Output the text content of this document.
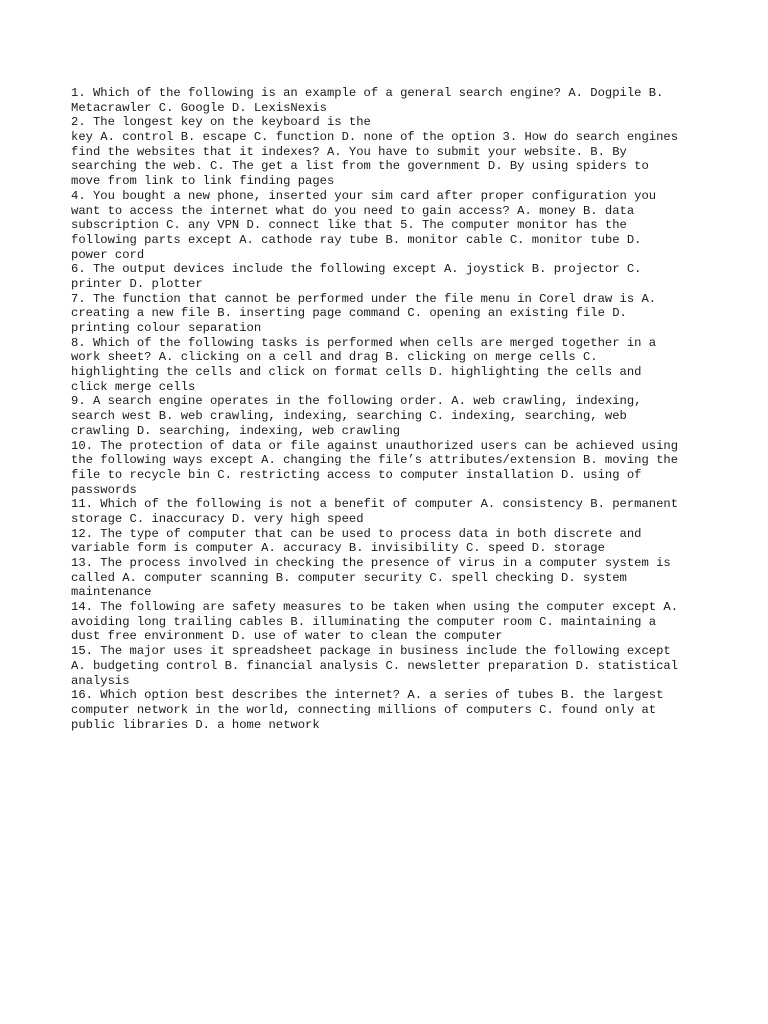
1. Which of the following is an example of a general search engine? A. Dogpile B.
Metacrawler C. Google D. LexisNexis
2. The longest key on the keyboard is the
key A. control B. escape C. function D. none of the option 3. How do search engines
find the websites that it indexes? A. You have to submit your website. B. By
searching the web. C. The get a list from the government D. By using spiders to
move from link to link finding pages
4. You bought a new phone, inserted your sim card after proper configuration you
want to access the internet what do you need to gain access? A. money B. data
subscription C. any VPN D. connect like that 5. The computer monitor has the
following parts except A. cathode ray tube B. monitor cable C. monitor tube D.
power cord
6. The output devices include the following except A. joystick B. projector C.
printer D. plotter
7. The function that cannot be performed under the file menu in Corel draw is A.
creating a new file B. inserting page command C. opening an existing file D.
printing colour separation
8. Which of the following tasks is performed when cells are merged together in a
work sheet? A. clicking on a cell and drag B. clicking on merge cells C.
highlighting the cells and click on format cells D. highlighting the cells and
click merge cells
9. A search engine operates in the following order. A. web crawling, indexing,
search west B. web crawling, indexing, searching C. indexing, searching, web
crawling D. searching, indexing, web crawling
10. The protection of data or file against unauthorized users can be achieved using
the following ways except A. changing the file’s attributes/extension B. moving the
file to recycle bin C. restricting access to computer installation D. using of
passwords
11. Which of the following is not a benefit of computer A. consistency B. permanent
storage C. inaccuracy D. very high speed
12. The type of computer that can be used to process data in both discrete and
variable form is computer A. accuracy B. invisibility C. speed D. storage
13. The process involved in checking the presence of virus in a computer system is
called A. computer scanning B. computer security C. spell checking D. system
maintenance
14. The following are safety measures to be taken when using the computer except A.
avoiding long trailing cables B. illuminating the computer room C. maintaining a
dust free environment D. use of water to clean the computer
15. The major uses it spreadsheet package in business include the following except
A. budgeting control B. financial analysis C. newsletter preparation D. statistical
analysis
16. Which option best describes the internet? A. a series of tubes B. the largest
computer network in the world, connecting millions of computers C. found only at
public libraries D. a home network
